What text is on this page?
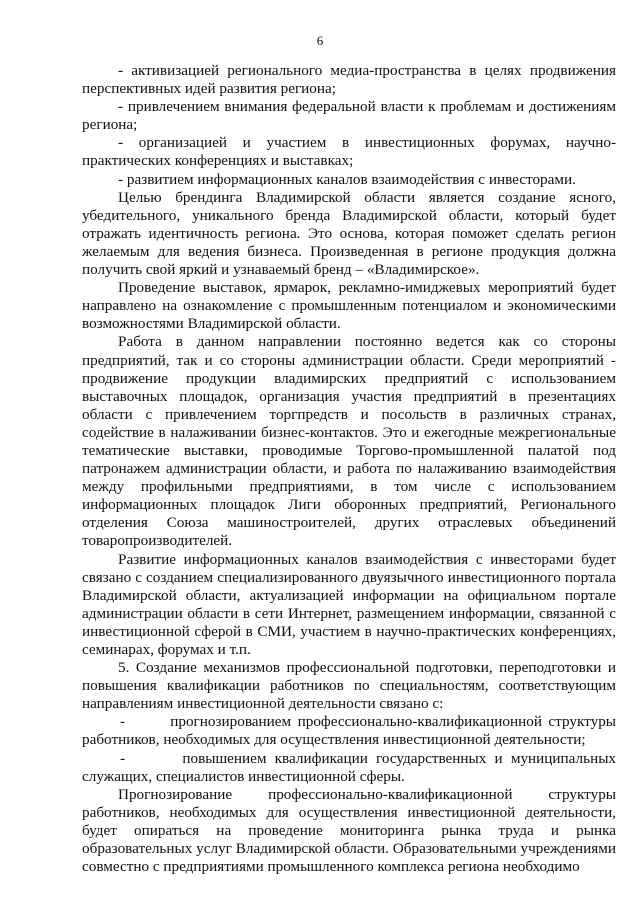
6

- активизацией регионального медиа-пространства в целях продвижения перспективных идей развития региона;

- привлечением внимания федеральной власти к проблемам и достижениям региона;

- организацией и участием в инвестиционных форумах, научно-практических конференциях и выставках;

- развитием информационных каналов взаимодействия с инвесторами.

Целью брендинга Владимирской области является создание ясного, убедительного, уникального бренда Владимирской области, который будет отражать идентичность региона. Это основа, которая поможет сделать регион желаемым для ведения бизнеса. Произведенная в регионе продукция должна получить свой яркий и узнаваемый бренд – «Владимирское».

Проведение выставок, ярмарок, рекламно-имиджевых мероприятий будет направлено на ознакомление с промышленным потенциалом и экономическими возможностями Владимирской области.

Работа в данном направлении постоянно ведется как со стороны предприятий, так и со стороны администрации области. Среди мероприятий - продвижение продукции владимирских предприятий с использованием выставочных площадок, организация участия предприятий в презентациях области с привлечением торгпредств и посольств в различных странах, содействие в налаживании бизнес-контактов. Это и ежегодные межрегиональные тематические выставки, проводимые Торгово-промышленной палатой под патронажем администрации области, и работа по налаживанию взаимодействия между профильными предприятиями, в том числе с использованием информационных площадок Лиги оборонных предприятий, Регионального отделения Союза машиностроителей, других отраслевых объединений товаропроизводителей.

Развитие информационных каналов взаимодействия с инвесторами будет связано с созданием специализированного двуязычного инвестиционного портала Владимирской области, актуализацией информации на официальном портале администрации области в сети Интернет, размещением информации, связанной с инвестиционной сферой в СМИ, участием в научно-практических конференциях, семинарах, форумах и т.п.

5. Создание механизмов профессиональной подготовки, переподготовки и повышения квалификации работников по специальностям, соответствующим направлениям инвестиционной деятельности связано с:

-       прогнозированием профессионально-квалификационной структуры работников, необходимых для осуществления инвестиционной деятельности;

-       повышением квалификации государственных и муниципальных служащих, специалистов инвестиционной сферы.

Прогнозирование профессионально-квалификационной структуры работников, необходимых для осуществления инвестиционной деятельности, будет опираться на проведение мониторинга рынка труда и рынка образовательных услуг Владимирской области. Образовательными учреждениями совместно с предприятиями промышленного комплекса региона необходимо
